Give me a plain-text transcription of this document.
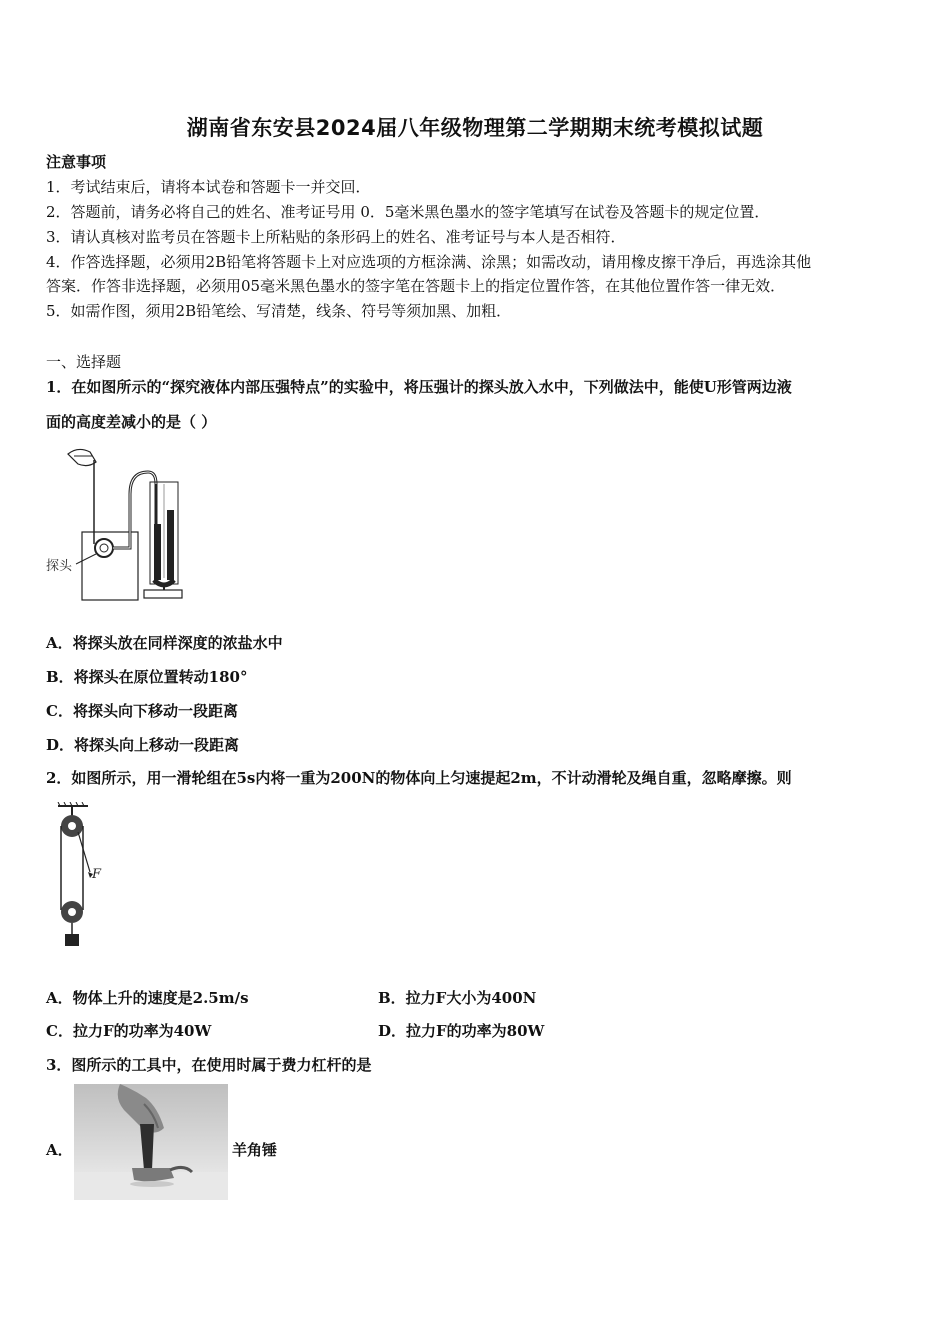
湖南省东安县2024届八年级物理第二学期期末统考模拟试题
注意事项
1．考试结束后，请将本试卷和答题卡一并交回．
2．答题前，请务必将自己的姓名、准考证号用 0．5毫米黑色墨水的签字笔填写在试卷及答题卡的规定位置．
3．请认真核对监考员在答题卡上所粘贴的条形码上的姓名、准考证号与本人是否相符．
4．作答选择题，必须用2B铅笔将答题卡上对应选项的方框涂满、涂黑；如需改动，请用橡皮擦干净后，再选涂其他
答案．作答非选择题，必须用05毫米黑色墨水的签字笔在答题卡上的指定位置作答，在其他位置作答一律无效．
5．如需作图，须用2B铅笔绘、写清楚，线条、符号等须加黑、加粗．
一、选择题
1．在如图所示的“探究液体内部压强特点”的实验中，将压强计的探头放入水中，下列做法中，能使U形管两边液
面的高度差减小的是（ ）
探头
A．将探头放在同样深度的浓盐水中
B．将探头在原位置转动180°
C．将探头向下移动一段距离
D．将探头向上移动一段距离
2．如图所示，用一滑轮组在5s内将一重为200N的物体向上匀速提起2m，不计动滑轮及绳自重，忽略摩擦。则
F
A．物体上升的速度是2.5m/s	B．拉力F大小为400N
C．拉力F的功率为40W	D．拉力F的功率为80W
3．图所示的工具中，在使用时属于费力杠杆的是
A．	羊角锤
